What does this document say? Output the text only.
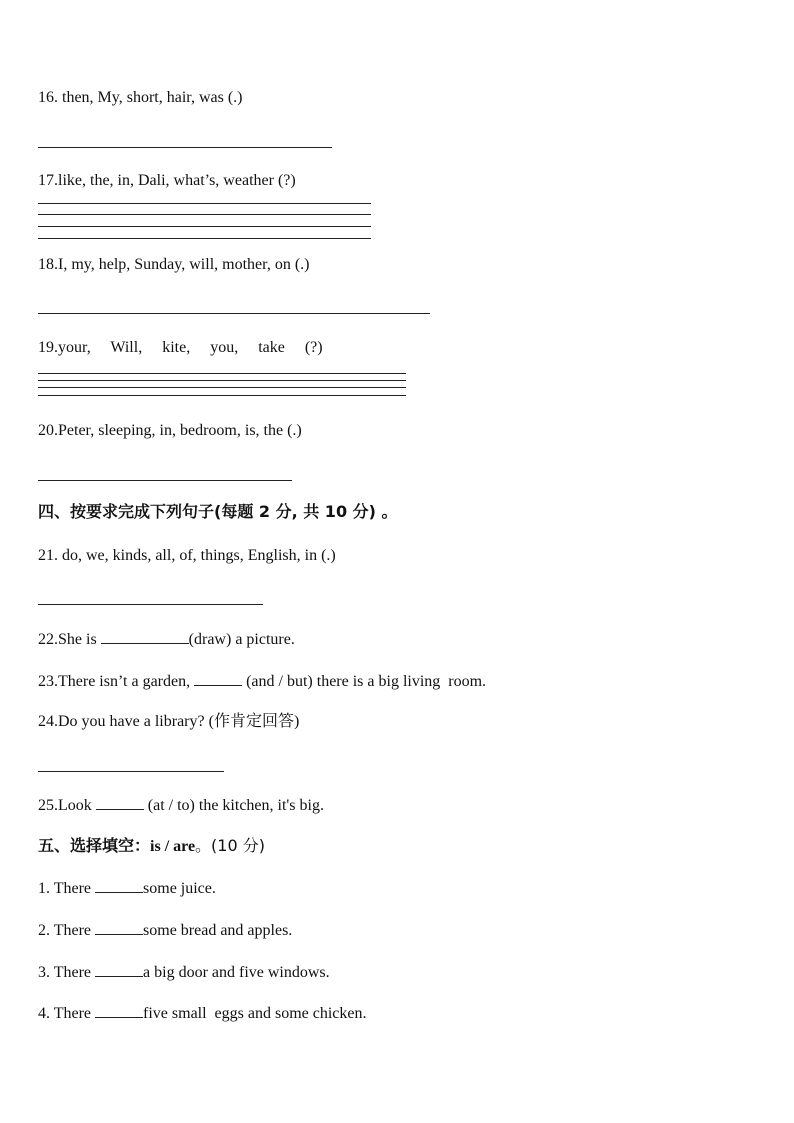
16. then, My, short, hair, was (.)
17.like, the, in, Dali, what’s, weather (?)
18.I, my, help, Sunday, will, mother, on (.)
19.your,     Will,     kite,     you,     take     (?)
20.Peter, sleeping, in, bedroom, is, the (.)
四、按要求完成下列句子(每题 2 分, 共 10 分) 。
21. do, we, kinds, all, of, things, English, in (.)
22.She is	(draw) a picture.
23.There isn’t a garden,	(and / but) there is a big living  room.
24.Do you have a library? (作肯定回答)
25.Look	(at / to) the kitchen, it's big.
五、选择填空：is / are。(10 分)
1. There	some juice.
2. There	some bread and apples.
3. There	a big door and five windows.
4. There	five small  eggs and some chicken.
